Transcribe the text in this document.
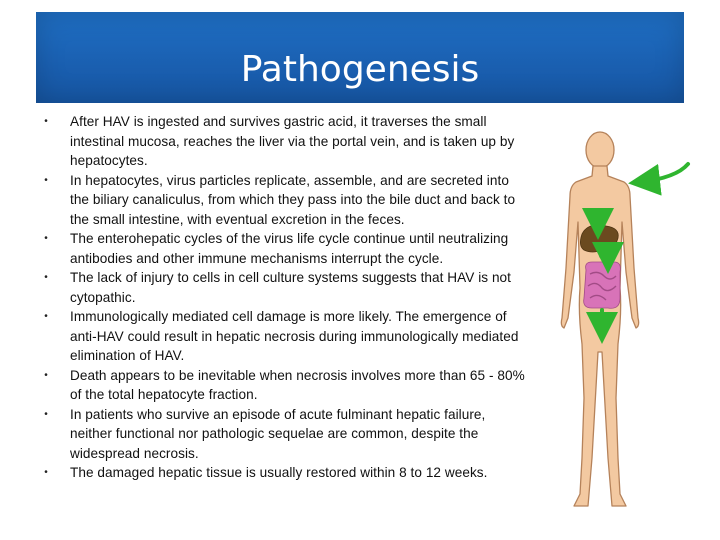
Pathogenesis
•	After HAV is ingested and survives gastric acid, it traverses the small intestinal mucosa, reaches the liver via the portal vein, and is taken up by hepatocytes.
•	In hepatocytes, virus particles replicate, assemble, and are secreted into the biliary canaliculus, from which they pass into the bile duct and back to the small intestine, with eventual excretion in the feces.
•	The enterohepatic cycles of the virus life cycle continue until neutralizing antibodies and other immune mechanisms interrupt the cycle.
•	The lack of injury to cells in cell culture systems suggests that HAV is not cytopathic.
•	Immunologically mediated cell damage is more likely. The emergence of anti-HAV could result in hepatic necrosis during immunologically mediated elimination of HAV.
•	Death appears to be inevitable when necrosis involves more than 65 - 80% of the total hepatocyte fraction.
•	In patients who survive an episode of acute fulminant hepatic failure, neither functional nor pathologic sequelae are common, despite the widespread necrosis.
•	The damaged hepatic tissue is usually restored within 8 to 12 weeks.
